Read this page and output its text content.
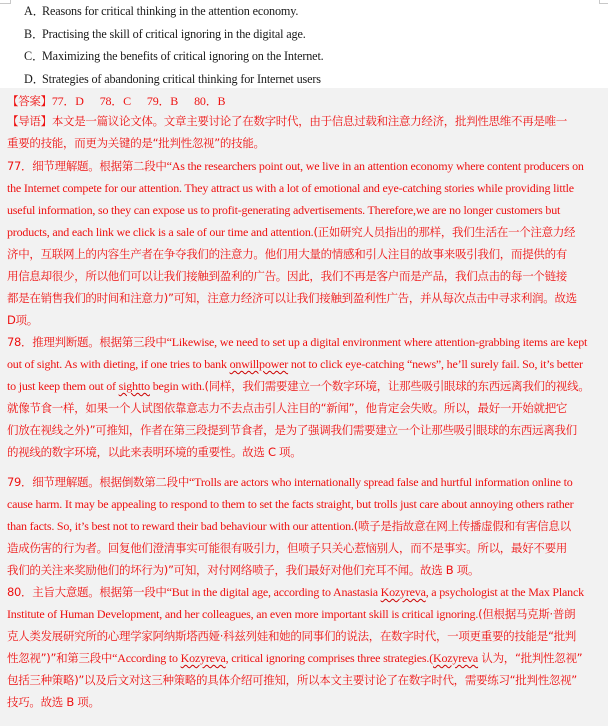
A．Reasons for critical thinking in the attention economy.
B．Practising the skill of critical ignoring in the digital age.
C．Maximizing the benefits of critical ignoring on the Internet.
D．Strategies of abandoning critical thinking for Internet users
【答案】77．D 78．C 79．B 80．B
【导语】本文是一篇议论文体。文章主要讨论了在数字时代，由于信息过载和注意力经济，批判性思维不再是唯一
重要的技能，而更为关键的是“批判性忽视”的技能。
77．细节理解题。根据第二段中“As the researchers point out, we live in an attention economy where content producers on
the Internet compete for our attention. They attract us with a lot of emotional and eye-catching stories while providing little
useful information, so they can expose us to profit-generating advertisements. Therefore,we are no longer customers but
products, and each link we click is a sale of our time and attention.(正如研究人员指出的那样，我们生活在一个注意力经
济中，互联网上的内容生产者在争夺我们的注意力。他们用大量的情感和引人注目的故事来吸引我们，而提供的有
用信息却很少，所以他们可以让我们接触到盈利的广告。因此，我们不再是客户而是产品，我们点击的每一个链接
都是在销售我们的时间和注意力)”可知，注意力经济可以让我们接触到盈利性广告，并从每次点击中寻求利润。故选
D项。
78．推理判断题。根据第三段中“Likewise, we need to set up a digital environment where attention-grabbing items are kept
out of sight. As with dieting, if one tries to bank onwillpower not to click eye-catching “news”, he’ll surely fail. So, it’s better
to just keep them out of sightto begin with.(同样，我们需要建立一个数字环境，让那些吸引眼球的东西远离我们的视线。
就像节食一样，如果一个人试图依靠意志力不去点击引人注目的“新闻”，他肯定会失败。所以，最好一开始就把它
们放在视线之外)”可推知，作者在第三段提到节食者，是为了强调我们需要建立一个让那些吸引眼球的东西远离我们
的视线的数字环境，以此来表明环境的重要性。故选 C 项。
79．细节理解题。根据倒数第二段中“Trolls are actors who internationally spread false and hurtful information online to
cause harm. It may be appealing to respond to them to set the facts straight, but trolls just care about annoying others rather
than facts. So, it’s best not to reward their bad behaviour with our attention.(喷子是指故意在网上传播虚假和有害信息以
造成伤害的行为者。回复他们澄清事实可能很有吸引力，但喷子只关心惹恼别人，而不是事实。所以，最好不要用
我们的关注来奖励他们的坏行为)”可知，对付网络喷子，我们最好对他们充耳不闻。故选 B 项。
80．主旨大意题。根据第一段中“But in the digital age, according to Anastasia Kozyreva, a psychologist at the Max Planck
Institute of Human Development, and her colleagues, an even more important skill is critical ignoring.(但根据马克斯·普朗
克人类发展研究所的心理学家阿纳斯塔西娅·科兹列娃和她的同事们的说法，在数字时代，一项更重要的技能是“批判
性忽视”)”和第三段中“According to Kozyreva, critical ignoring comprises three strategies.(Kozyreva 认为，“批判性忽视”
包括三种策略)”以及后文对这三种策略的具体介绍可推知，所以本文主要讨论了在数字时代，需要练习“批判性忽视”
技巧。故选 B 项。
